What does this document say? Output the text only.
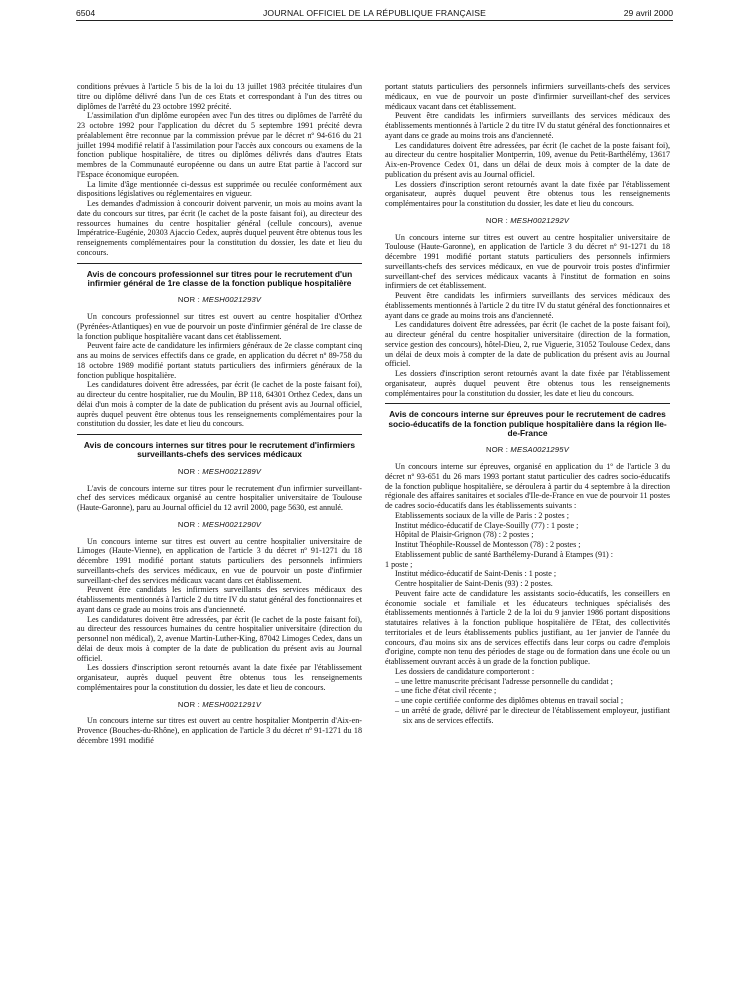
6504	JOURNAL OFFICIEL DE LA RÉPUBLIQUE FRANÇAISE	29 avril 2000

conditions prévues à l'article 5 bis de la loi du 13 juillet 1983 précitée titulaires d'un titre ou diplôme délivré dans l'un de ces Etats et correspondant à l'un des titres ou diplômes de l'arrêté du 23 octobre 1992 précité.

L'assimilation d'un diplôme européen avec l'un des titres ou diplômes de l'arrêté du 23 octobre 1992 pour l'application du décret du 5 septembre 1991 précité devra préalablement être reconnue par la commission prévue par le décret nº 94-616 du 21 juillet 1994 modifié relatif à l'assimilation pour l'accès aux concours ou examens de la fonction publique hospitalière, de titres ou diplômes délivrés dans d'autres Etats membres de la Communauté européenne ou dans un autre Etat partie à l'accord sur l'Espace économique européen.

La limite d'âge mentionnée ci-dessus est supprimée ou reculée conformément aux dispositions législatives ou réglementaires en vigueur.

Les demandes d'admission à concourir doivent parvenir, un mois au moins avant la date du concours sur titres, par écrit (le cachet de la poste faisant foi), au directeur des ressources humaines du centre hospitalier général (cellule concours), avenue Impératrice-Eugénie, 20303 Ajaccio Cedex, auprès duquel peuvent être obtenus tous les renseignements complémentaires pour la constitution du dossier, les date et lieu du concours.

Avis de concours professionnel sur titres pour le recrutement d'un infirmier général de 1re classe de la fonction publique hospitalière
NOR : MESH0021293V

Un concours professionnel sur titres est ouvert au centre hospitalier d'Orthez (Pyrénées-Atlantiques) en vue de pourvoir un poste d'infirmier général de 1re classe de la fonction publique hospitalière vacant dans cet établissement.

Peuvent faire acte de candidature les infirmiers généraux de 2e classe comptant cinq ans au moins de services effectifs dans ce grade, en application du décret nº 89-758 du 18 octobre 1989 modifié portant statuts particuliers des infirmiers généraux de la fonction publique hospitalière.

Les candidatures doivent être adressées, par écrit (le cachet de la poste faisant foi), au directeur du centre hospitalier, rue du Moulin, BP 118, 64301 Orthez Cedex, dans un délai d'un mois à compter de la date de publication du présent avis au Journal officiel, auprès duquel peuvent être obtenus tous les renseignements complémentaires pour la constitution du dossier, les date et lieu du concours.

Avis de concours internes sur titres pour le recrutement d'infirmiers surveillants-chefs des services médicaux
NOR : MESH0021289V

L'avis de concours interne sur titres pour le recrutement d'un infirmier surveillant-chef des services médicaux organisé au centre hospitalier universitaire de Toulouse (Haute-Garonne), paru au Journal officiel du 12 avril 2000, page 5630, est annulé.

NOR : MESH0021290V

Un concours interne sur titres est ouvert au centre hospitalier universitaire de Limoges (Haute-Vienne), en application de l'article 3 du décret nº 91-1271 du 18 décembre 1991 modifié portant statuts particuliers des personnels infirmiers surveillants-chefs des services médicaux, en vue de pourvoir un poste d'infirmier surveillant-chef des services médicaux vacant dans cet établissement.

Peuvent être candidats les infirmiers surveillants des services médicaux des établissements mentionnés à l'article 2 du titre IV du statut général des fonctionnaires et ayant dans ce grade au moins trois ans d'ancienneté.

Les candidatures doivent être adressées, par écrit (le cachet de la poste faisant foi), au directeur des ressources humaines du centre hospitalier universitaire (direction du personnel non médical), 2, avenue Martin-Luther-King, 87042 Limoges Cedex, dans un délai de deux mois à compter de la date de publication du présent avis au Journal officiel.

Les dossiers d'inscription seront retournés avant la date fixée par l'établissement organisateur, auprès duquel peuvent être obtenus tous les renseignements complémentaires pour la constitution du dossier, les date et lieu de concours.

NOR : MESH0021291V

Un concours interne sur titres est ouvert au centre hospitalier Montperrin d'Aix-en-Provence (Bouches-du-Rhône), en application de l'article 3 du décret nº 91-1271 du 18 décembre 1991 modifié

portant statuts particuliers des personnels infirmiers surveillants-chefs des services médicaux, en vue de pourvoir un poste d'infirmier surveillant-chef des services médicaux vacant dans cet établissement.

Peuvent être candidats les infirmiers surveillants des services médicaux des établissements mentionnés à l'article 2 du titre IV du statut général des fonctionnaires et ayant dans ce grade au moins trois ans d'ancienneté.

Les candidatures doivent être adressées, par écrit (le cachet de la poste faisant foi), au directeur du centre hospitalier Montperrin, 109, avenue du Petit-Barthélémy, 13617 Aix-en-Provence Cedex 01, dans un délai de deux mois à compter de la date de publication du présent avis au Journal officiel.

Les dossiers d'inscription seront retournés avant la date fixée par l'établissement organisateur, auprès duquel peuvent être obtenus tous les renseignements complémentaires pour la constitution du dossier, les date et lieu du concours.

NOR : MESH0021292V

Un concours interne sur titres est ouvert au centre hospitalier universitaire de Toulouse (Haute-Garonne), en application de l'article 3 du décret nº 91-1271 du 18 décembre 1991 modifié portant statuts particuliers des personnels infirmiers surveillants-chefs des services médicaux, en vue de pourvoir trois postes d'infirmier surveillant-chef des services médicaux vacants à l'institut de formation en soins infirmiers de cet établissement.

Peuvent être candidats les infirmiers surveillants des services médicaux des établissements mentionnés à l'article 2 du titre IV du statut général des fonctionnaires et ayant dans ce grade au moins trois ans d'ancienneté.

Les candidatures doivent être adressées, par écrit (le cachet de la poste faisant foi), au directeur général du centre hospitalier universitaire (direction de la formation, service gestion des concours), hôtel-Dieu, 2, rue Viguerie, 31052 Toulouse Cedex, dans un délai de deux mois à compter de la date de publication du présent avis au Journal officiel.

Les dossiers d'inscription seront retournés avant la date fixée par l'établissement organisateur, auprès duquel peuvent être obtenus tous les renseignements complémentaires pour la constitution du dossier, les date et lieu du concours.

Avis de concours interne sur épreuves pour le recrutement de cadres socio-éducatifs de la fonction publique hospitalière dans la région Ile-de-France
NOR : MESA0021295V

Un concours interne sur épreuves, organisé en application du 1º de l'article 3 du décret nº 93-651 du 26 mars 1993 portant statut particulier des cadres socio-éducatifs de la fonction publique hospitalière, se déroulera à partir du 4 septembre à la direction régionale des affaires sanitaires et sociales d'Ile-de-France en vue de pourvoir 11 postes de cadres socio-éducatifs dans les établissements suivants :

Etablissements sociaux de la ville de Paris : 2 postes ;

Institut médico-éducatif de Claye-Souilly (77) : 1 poste ;

Hôpital de Plaisir-Grignon (78) : 2 postes ;

Institut Théophile-Roussel de Montesson (78) : 2 postes ;

Etablissement public de santé Barthélemy-Durand à Etampes (91) :

1 poste ;

Institut médico-éducatif de Saint-Denis : 1 poste ;

Centre hospitalier de Saint-Denis (93) : 2 postes.

Peuvent faire acte de candidature les assistants socio-éducatifs, les conseillers en économie sociale et familiale et les éducateurs techniques spécialisés des établissements mentionnés à l'article 2 de la loi du 9 janvier 1986 portant dispositions statutaires relatives à la fonction publique hospitalière de l'Etat, des collectivités territoriales et de leurs établissements publics justifiant, au 1er janvier de l'année du concours, d'au moins six ans de services effectifs dans leur corps ou cadre d'emplois d'origine, compte non tenu des périodes de stage ou de formation dans une école ou un établissement ouvrant accès à un grade de la fonction publique.

Les dossiers de candidature comporteront :

– une lettre manuscrite précisant l'adresse personnelle du candidat ;

– une fiche d'état civil récente ;

– une copie certifiée conforme des diplômes obtenus en travail social ;

– un arrêté de grade, délivré par le directeur de l'établissement employeur, justifiant six ans de services effectifs.
